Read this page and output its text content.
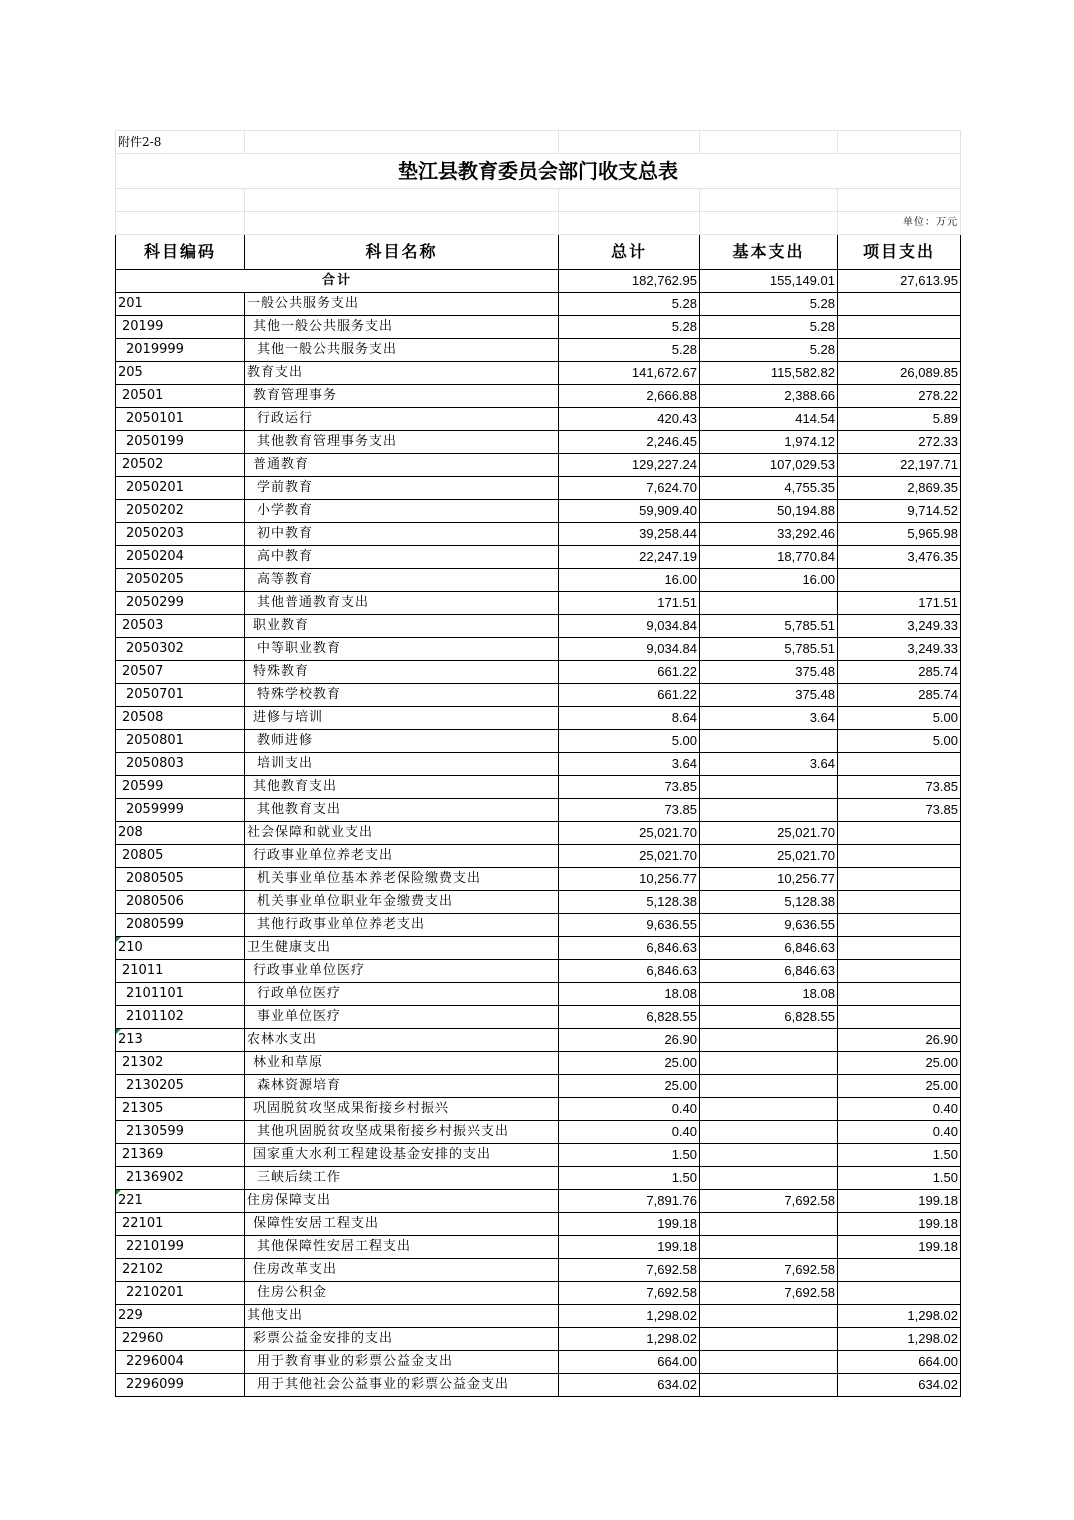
附件2-8				
垫江县教育委员会部门收支总表				

				单位：万元
科目编码	科目名称	总计	基本支出	项目支出
合计		182,762.95	155,149.01	27,613.95
201	一般公共服务支出	5.28	5.28	
20199	其他一般公共服务支出	5.28	5.28	
2019999	其他一般公共服务支出	5.28	5.28	
205	教育支出	141,672.67	115,582.82	26,089.85
20501	教育管理事务	2,666.88	2,388.66	278.22
2050101	行政运行	420.43	414.54	5.89
2050199	其他教育管理事务支出	2,246.45	1,974.12	272.33
20502	普通教育	129,227.24	107,029.53	22,197.71
2050201	学前教育	7,624.70	4,755.35	2,869.35
2050202	小学教育	59,909.40	50,194.88	9,714.52
2050203	初中教育	39,258.44	33,292.46	5,965.98
2050204	高中教育	22,247.19	18,770.84	3,476.35
2050205	高等教育	16.00	16.00	
2050299	其他普通教育支出	171.51		171.51
20503	职业教育	9,034.84	5,785.51	3,249.33
2050302	中等职业教育	9,034.84	5,785.51	3,249.33
20507	特殊教育	661.22	375.48	285.74
2050701	特殊学校教育	661.22	375.48	285.74
20508	进修与培训	8.64	3.64	5.00
2050801	教师进修	5.00		5.00
2050803	培训支出	3.64	3.64	
20599	其他教育支出	73.85		73.85
2059999	其他教育支出	73.85		73.85
208	社会保障和就业支出	25,021.70	25,021.70	
20805	行政事业单位养老支出	25,021.70	25,021.70	
2080505	机关事业单位基本养老保险缴费支出	10,256.77	10,256.77	
2080506	机关事业单位职业年金缴费支出	5,128.38	5,128.38	
2080599	其他行政事业单位养老支出	9,636.55	9,636.55	
210	卫生健康支出	6,846.63	6,846.63	
21011	行政事业单位医疗	6,846.63	6,846.63	
2101101	行政单位医疗	18.08	18.08	
2101102	事业单位医疗	6,828.55	6,828.55	
213	农林水支出	26.90		26.90
21302	林业和草原	25.00		25.00
2130205	森林资源培育	25.00		25.00
21305	巩固脱贫攻坚成果衔接乡村振兴	0.40		0.40
2130599	其他巩固脱贫攻坚成果衔接乡村振兴支出	0.40		0.40
21369	国家重大水利工程建设基金安排的支出	1.50		1.50
2136902	三峡后续工作	1.50		1.50
221	住房保障支出	7,891.76	7,692.58	199.18
22101	保障性安居工程支出	199.18		199.18
2210199	其他保障性安居工程支出	199.18		199.18
22102	住房改革支出	7,692.58	7,692.58	
2210201	住房公积金	7,692.58	7,692.58	
229	其他支出	1,298.02		1,298.02
22960	彩票公益金安排的支出	1,298.02		1,298.02
2296004	用于教育事业的彩票公益金支出	664.00		664.00
2296099	用于其他社会公益事业的彩票公益金支出	634.02		634.02
